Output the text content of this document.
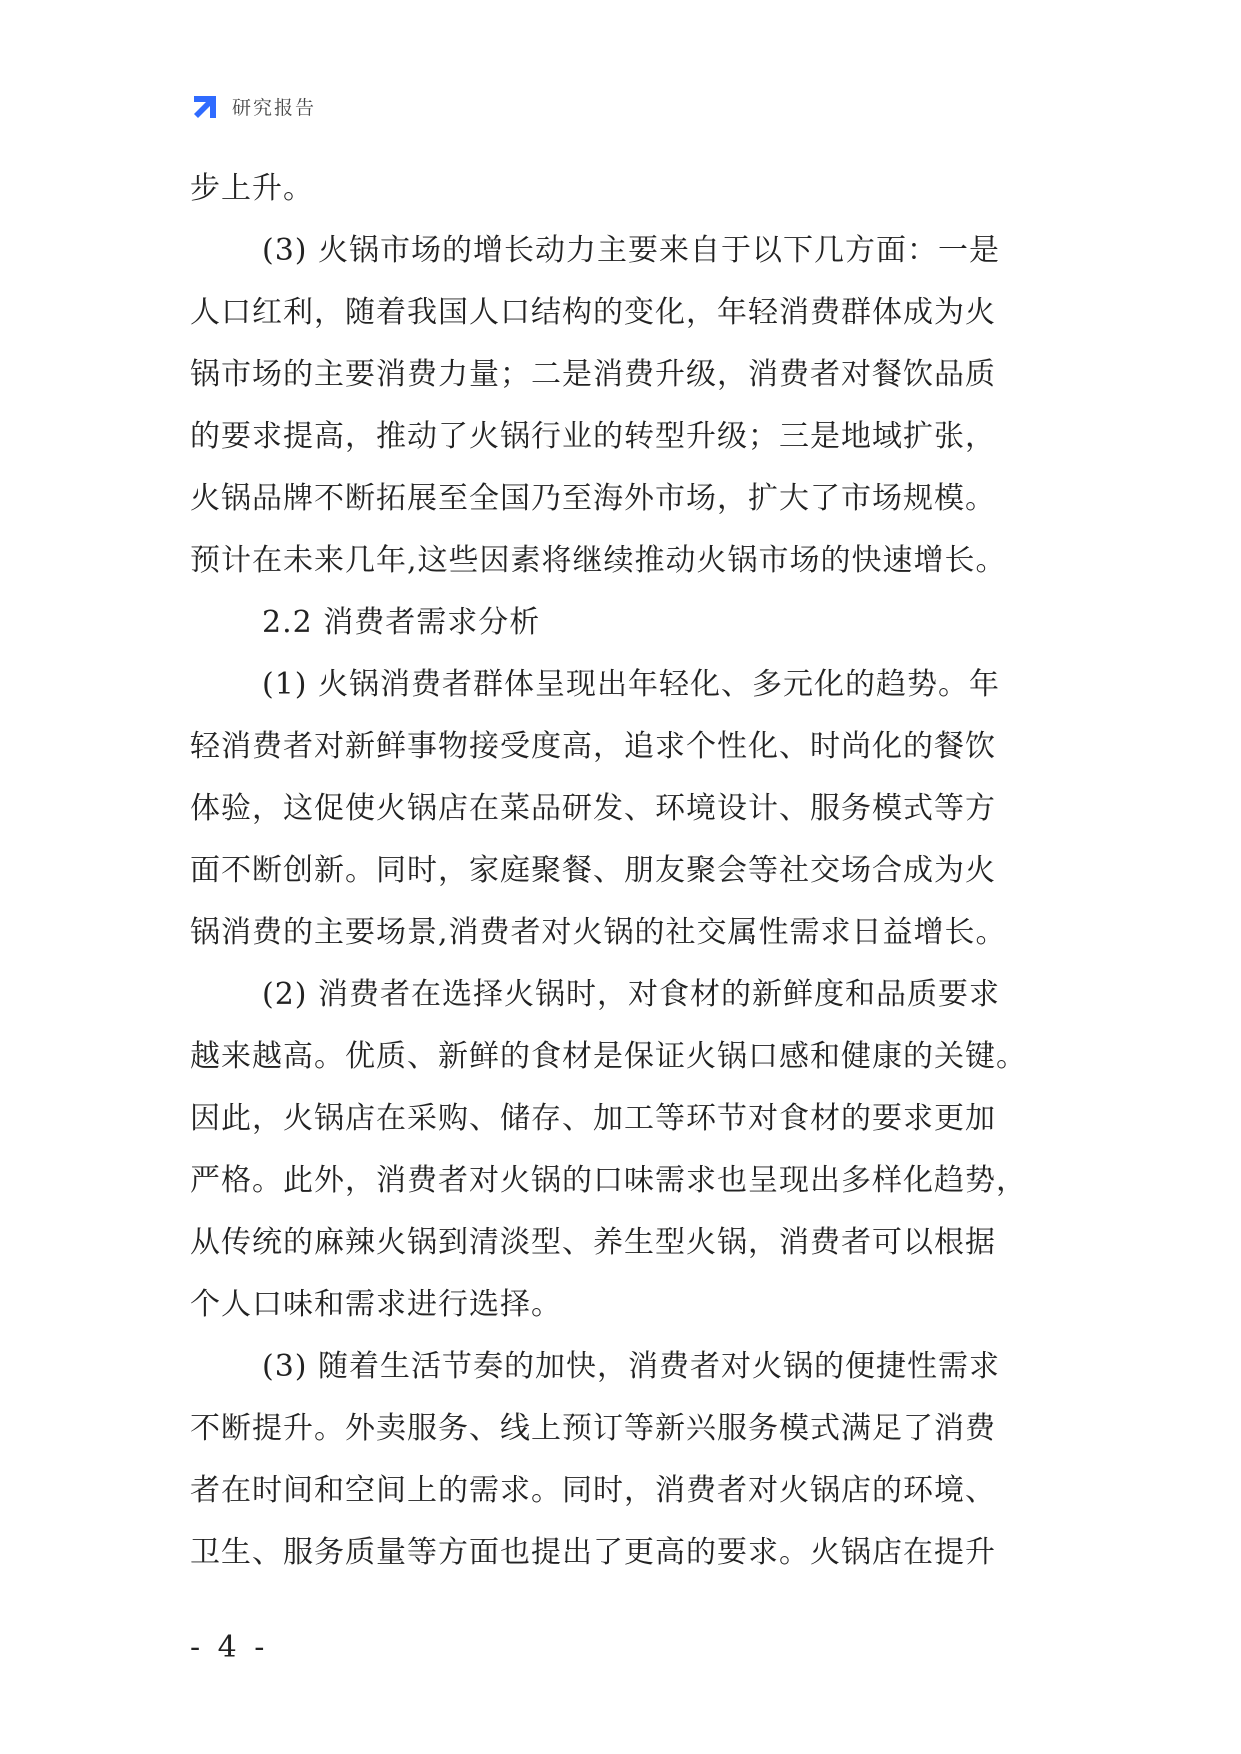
研究报告
步上升。
(3) 火锅市场的增长动力主要来自于以下几方面：一是
人口红利，随着我国人口结构的变化，年轻消费群体成为火
锅市场的主要消费力量；二是消费升级，消费者对餐饮品质
的要求提高，推动了火锅行业的转型升级；三是地域扩张，
火锅品牌不断拓展至全国乃至海外市场，扩大了市场规模。
预计在未来几年,这些因素将继续推动火锅市场的快速增长。
2.2 消费者需求分析
(1) 火锅消费者群体呈现出年轻化、多元化的趋势。年
轻消费者对新鲜事物接受度高，追求个性化、时尚化的餐饮
体验，这促使火锅店在菜品研发、环境设计、服务模式等方
面不断创新。同时，家庭聚餐、朋友聚会等社交场合成为火
锅消费的主要场景,消费者对火锅的社交属性需求日益增长。
(2) 消费者在选择火锅时，对食材的新鲜度和品质要求
越来越高。优质、新鲜的食材是保证火锅口感和健康的关键。
因此，火锅店在采购、储存、加工等环节对食材的要求更加
严格。此外，消费者对火锅的口味需求也呈现出多样化趋势，
从传统的麻辣火锅到清淡型、养生型火锅，消费者可以根据
个人口味和需求进行选择。
(3) 随着生活节奏的加快，消费者对火锅的便捷性需求
不断提升。外卖服务、线上预订等新兴服务模式满足了消费
者在时间和空间上的需求。同时，消费者对火锅店的环境、
卫生、服务质量等方面也提出了更高的要求。火锅店在提升
- 4 -
